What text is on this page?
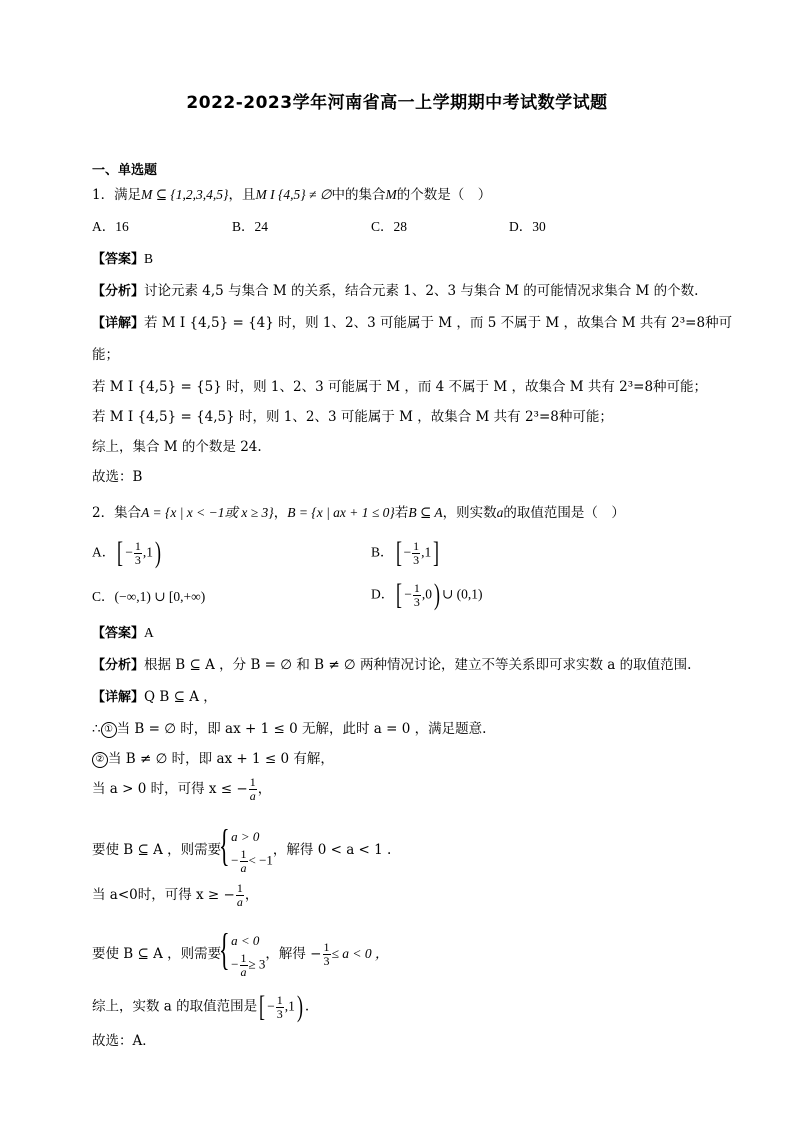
2022-2023学年河南省高一上学期期中考试数学试题
一、单选题
1．满足M ⊆ {1,2,3,4,5}，且M I {4,5} ≠ ∅中的集合M的个数是（　）
A．16	B．24	C．28	D．30
【答案】B
【分析】讨论元素 4,5 与集合 M 的关系，结合元素 1、2、3 与集合 M 的可能情况求集合 M 的个数.
【详解】若 M I {4,5} = {4} 时，则 1、2、3 可能属于 M ，而 5 不属于 M ，故集合 M 共有 2³=8种可
能；
若 M I {4,5} = {5} 时，则 1、2、3 可能属于 M ，而 4 不属于 M ，故集合 M 共有 2³=8种可能；
若 M I {4,5} = {4,5} 时，则 1、2、3 可能属于 M ，故集合 M 共有 2³=8种可能；
综上，集合 M 的个数是 24.
故选：B
2．集合A = {x | x < −1或 x ≥ 3}，B = {x | ax + 1 ≤ 0}若B ⊆ A，则实数a的取值范围是（　）
A．[ − $\frac{1}{3} ,1$)	B．[ − $\frac{1}{3} ,1$]
C．(−∞,1) ∪ [0,+∞)	D．[ − $\frac{1}{3} ,0$) ∪ (0,1)
【答案】A
【分析】根据 B ⊆ A ，分 B = ∅ 和 B ≠ ∅ 两种情况讨论，建立不等关系即可求实数 a 的取值范围.
【详解】Q B ⊆ A ，
∴ ① 当 B = ∅ 时，即 ax + 1 ≤ 0 无解，此时 a = 0 ，满足题意.
② 当 B ≠ ∅ 时，即 ax + 1 ≤ 0 有解，
当 a > 0 时，可得 x ≤ − $\frac{1}{a}$ ，
要使 B ⊆ A ，则需要
{ a > 0
− $\frac{1}{a} < -1$
，解得 0 < a < 1 .
当 a<0时，可得 x ≥ − $\frac{1}{a}$ ，
要使 B ⊆ A ，则需要
{ a < 0
− $\frac{1}{a} \ge 3$
，解得 − $\frac{1}{3} \le a < 0$ ，
综上，实数 a 的取值范围是[ − $\frac{1}{3} ,1$) .
故选：A．
